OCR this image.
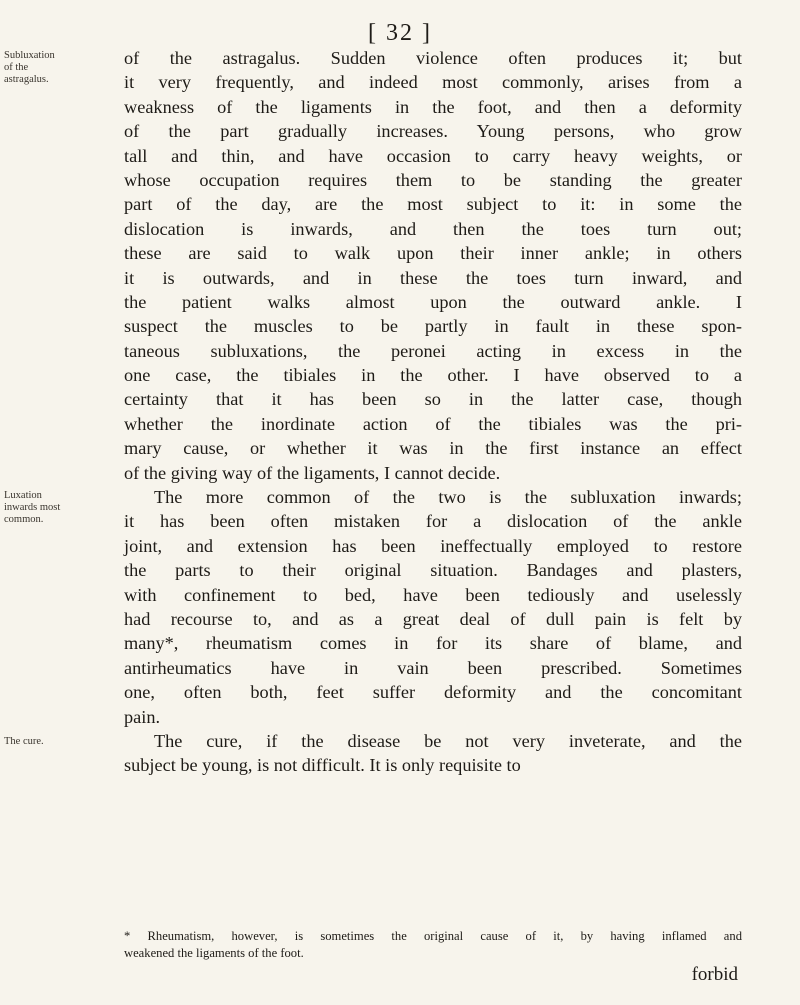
[ 32 ]
Subluxation of the astragalus.
Luxation inwards most common.
The cure.
of the astragalus. Sudden violence often produces it; but
it very frequently, and indeed most commonly, arises from a
weakness of the ligaments in the foot, and then a deformity
of the part gradually increases. Young persons, who grow
tall and thin, and have occasion to carry heavy weights, or
whose occupation requires them to be standing the greater
part of the day, are the most subject to it: in some the
dislocation is inwards, and then the toes turn out;
these are said to walk upon their inner ankle; in others
it is outwards, and in these the toes turn inward, and
the patient walks almost upon the outward ankle. I
suspect the muscles to be partly in fault in these spon-
taneous subluxations, the peronei acting in excess in the
one case, the tibiales in the other. I have observed to a
certainty that it has been so in the latter case, though
whether the inordinate action of the tibiales was the pri-
mary cause, or whether it was in the first instance an effect
of the giving way of the ligaments, I cannot decide.
The more common of the two is the subluxation inwards;
it has been often mistaken for a dislocation of the ankle
joint, and extension has been ineffectually employed to restore
the parts to their original situation. Bandages and plasters,
with confinement to bed, have been tediously and uselessly
had recourse to, and as a great deal of dull pain is felt by
many*, rheumatism comes in for its share of blame, and
antirheumatics have in vain been prescribed. Sometimes
one, often both, feet suffer deformity and the concomitant
pain.
The cure, if the disease be not very inveterate, and the
subject be young, is not difficult. It is only requisite to
* Rheumatism, however, is sometimes the original cause of it, by having inflamed and
weakened the ligaments of the foot.
forbid
